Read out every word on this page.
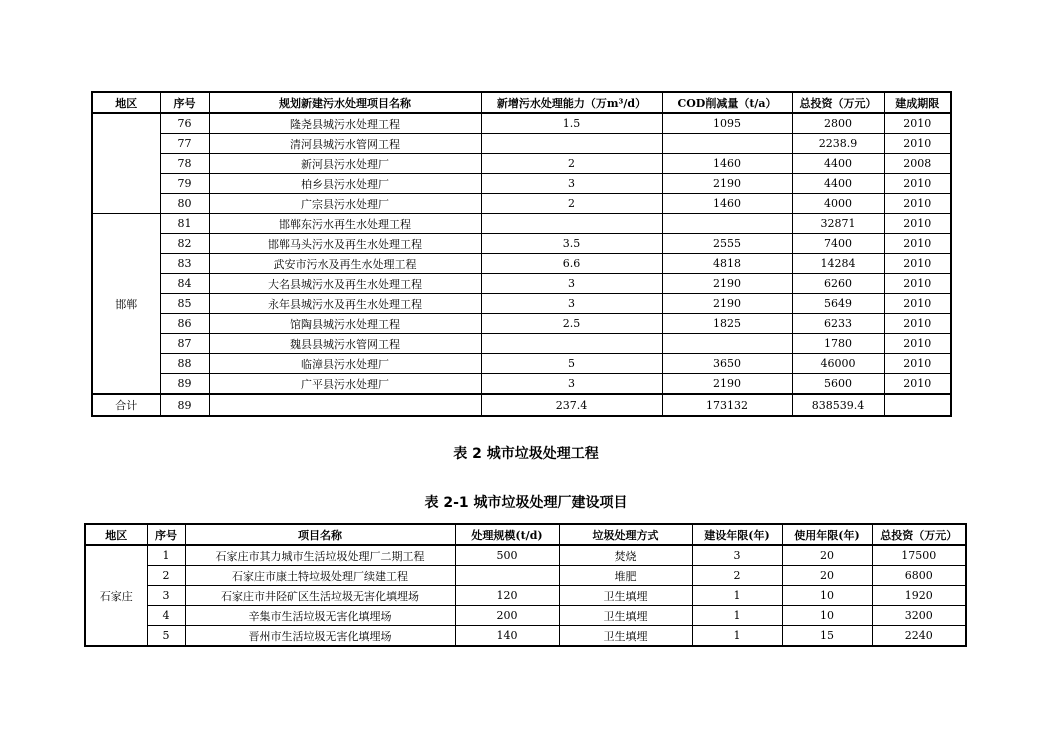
地区	序号	规划新建污水处理项目名称	新增污水处理能力（万m³/d）	COD削减量（t/a）	总投资（万元）	建成期限
	76	隆尧县城污水处理工程	1.5	1095	2800	2010
	77	清河县城污水管网工程			2238.9	2010
	78	新河县污水处理厂	2	1460	4400	2008
	79	柏乡县污水处理厂	3	2190	4400	2010
	80	广宗县污水处理厂	2	1460	4000	2010
邯郸	81	邯郸东污水再生水处理工程			32871	2010
	82	邯郸马头污水及再生水处理工程	3.5	2555	7400	2010
	83	武安市污水及再生水处理工程	6.6	4818	14284	2010
	84	大名县城污水及再生水处理工程	3	2190	6260	2010
	85	永年县城污水及再生水处理工程	3	2190	5649	2010
	86	馆陶县城污水处理工程	2.5	1825	6233	2010
	87	魏县县城污水管网工程			1780	2010
	88	临漳县污水处理厂	5	3650	46000	2010
	89	广平县污水处理厂	3	2190	5600	2010
合计	89		237.4	173132	838539.4	
表 2 城市垃圾处理工程
表 2-1 城市垃圾处理厂建设项目
地区	序号	项目名称	处理规模(t/d)	垃圾处理方式	建设年限(年)	使用年限(年)	总投资（万元）
石家庄	1	石家庄市其力城市生活垃圾处理厂二期工程	500	焚烧	3	20	17500
	2	石家庄市康土特垃圾处理厂续建工程		堆肥	2	20	6800
	3	石家庄市井陉矿区生活垃圾无害化填埋场	120	卫生填埋	1	10	1920
	4	辛集市生活垃圾无害化填埋场	200	卫生填埋	1	10	3200
	5	晋州市生活垃圾无害化填埋场	140	卫生填埋	1	15	2240
